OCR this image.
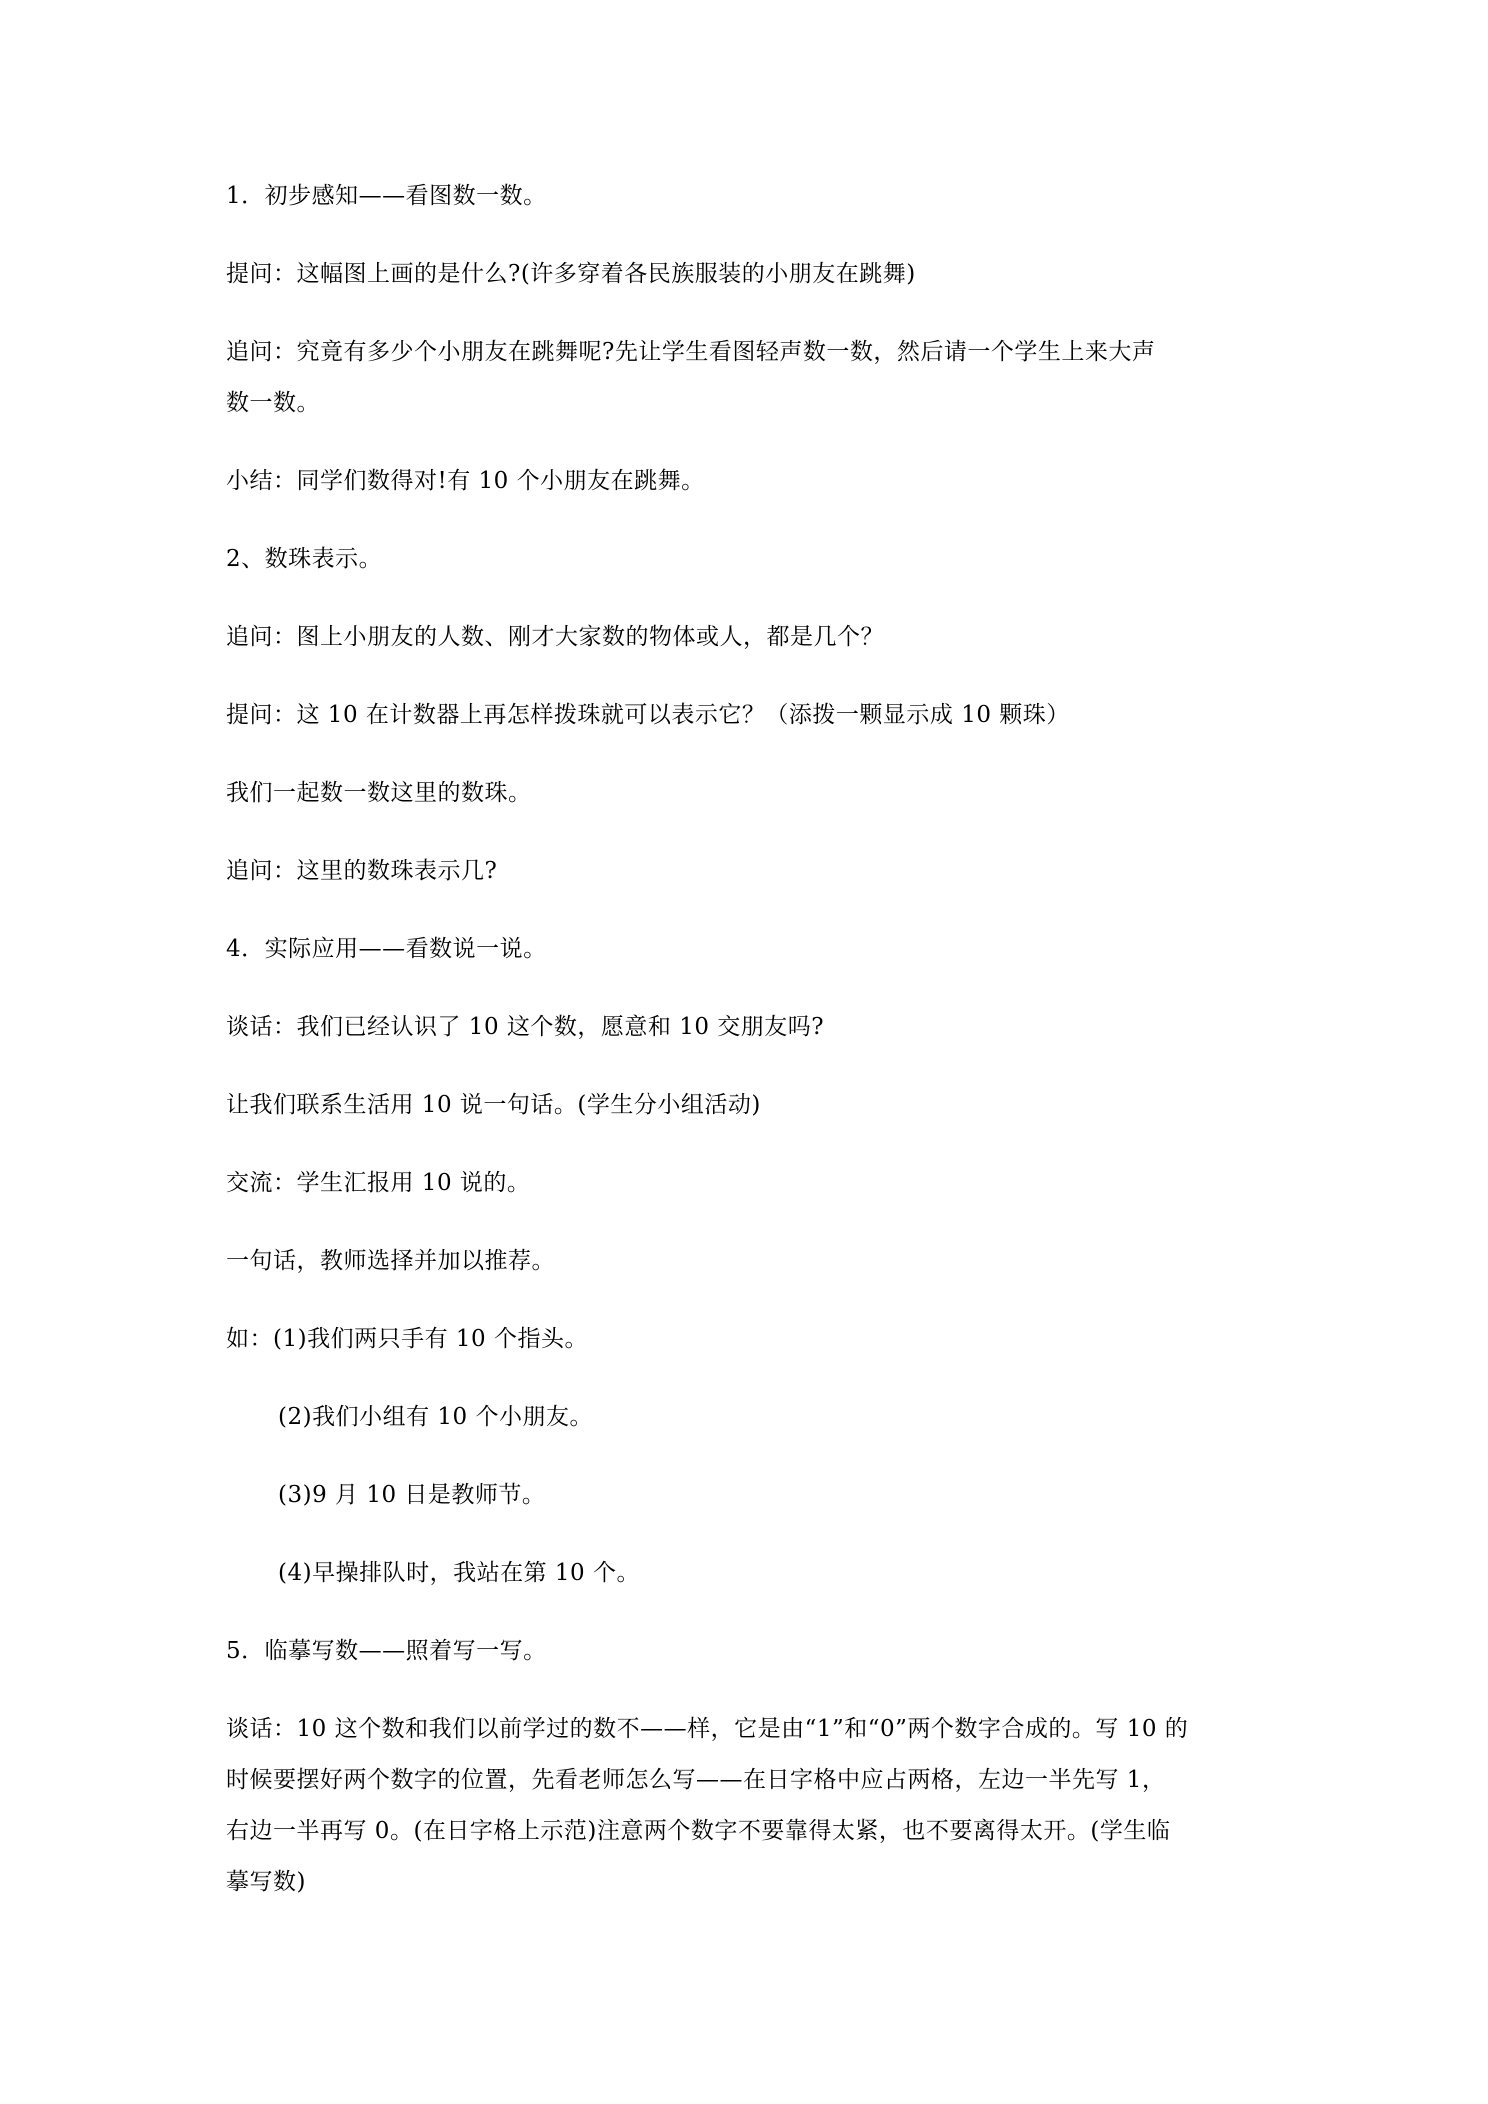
1．初步感知——看图数一数。
提问：这幅图上画的是什么?(许多穿着各民族服装的小朋友在跳舞)
追问：究竟有多少个小朋友在跳舞呢?先让学生看图轻声数一数，然后请一个学生上来大声
数一数。
小结：同学们数得对!有 10 个小朋友在跳舞。
2、数珠表示。
追问：图上小朋友的人数、刚才大家数的物体或人，都是几个？
提问：这 10 在计数器上再怎样拨珠就可以表示它？（添拨一颗显示成 10 颗珠）
我们一起数一数这里的数珠。
追问：这里的数珠表示几?
4．实际应用——看数说一说。
谈话：我们已经认识了 10 这个数，愿意和 10 交朋友吗?
让我们联系生活用 10 说一句话。(学生分小组活动)
交流：学生汇报用 10 说的。
一句话，教师选择并加以推荐。
如：(1)我们两只手有 10 个指头。
(2)我们小组有 10 个小朋友。
(3)9 月 10 日是教师节。
(4)早操排队时，我站在第 10 个。
5．临摹写数——照着写一写。
谈话：10 这个数和我们以前学过的数不——样，它是由“1”和“0”两个数字合成的。写 10 的
时候要摆好两个数字的位置，先看老师怎么写——在日字格中应占两格，左边一半先写 1，
右边一半再写 0。(在日字格上示范)注意两个数字不要靠得太紧，也不要离得太开。(学生临
摹写数)
